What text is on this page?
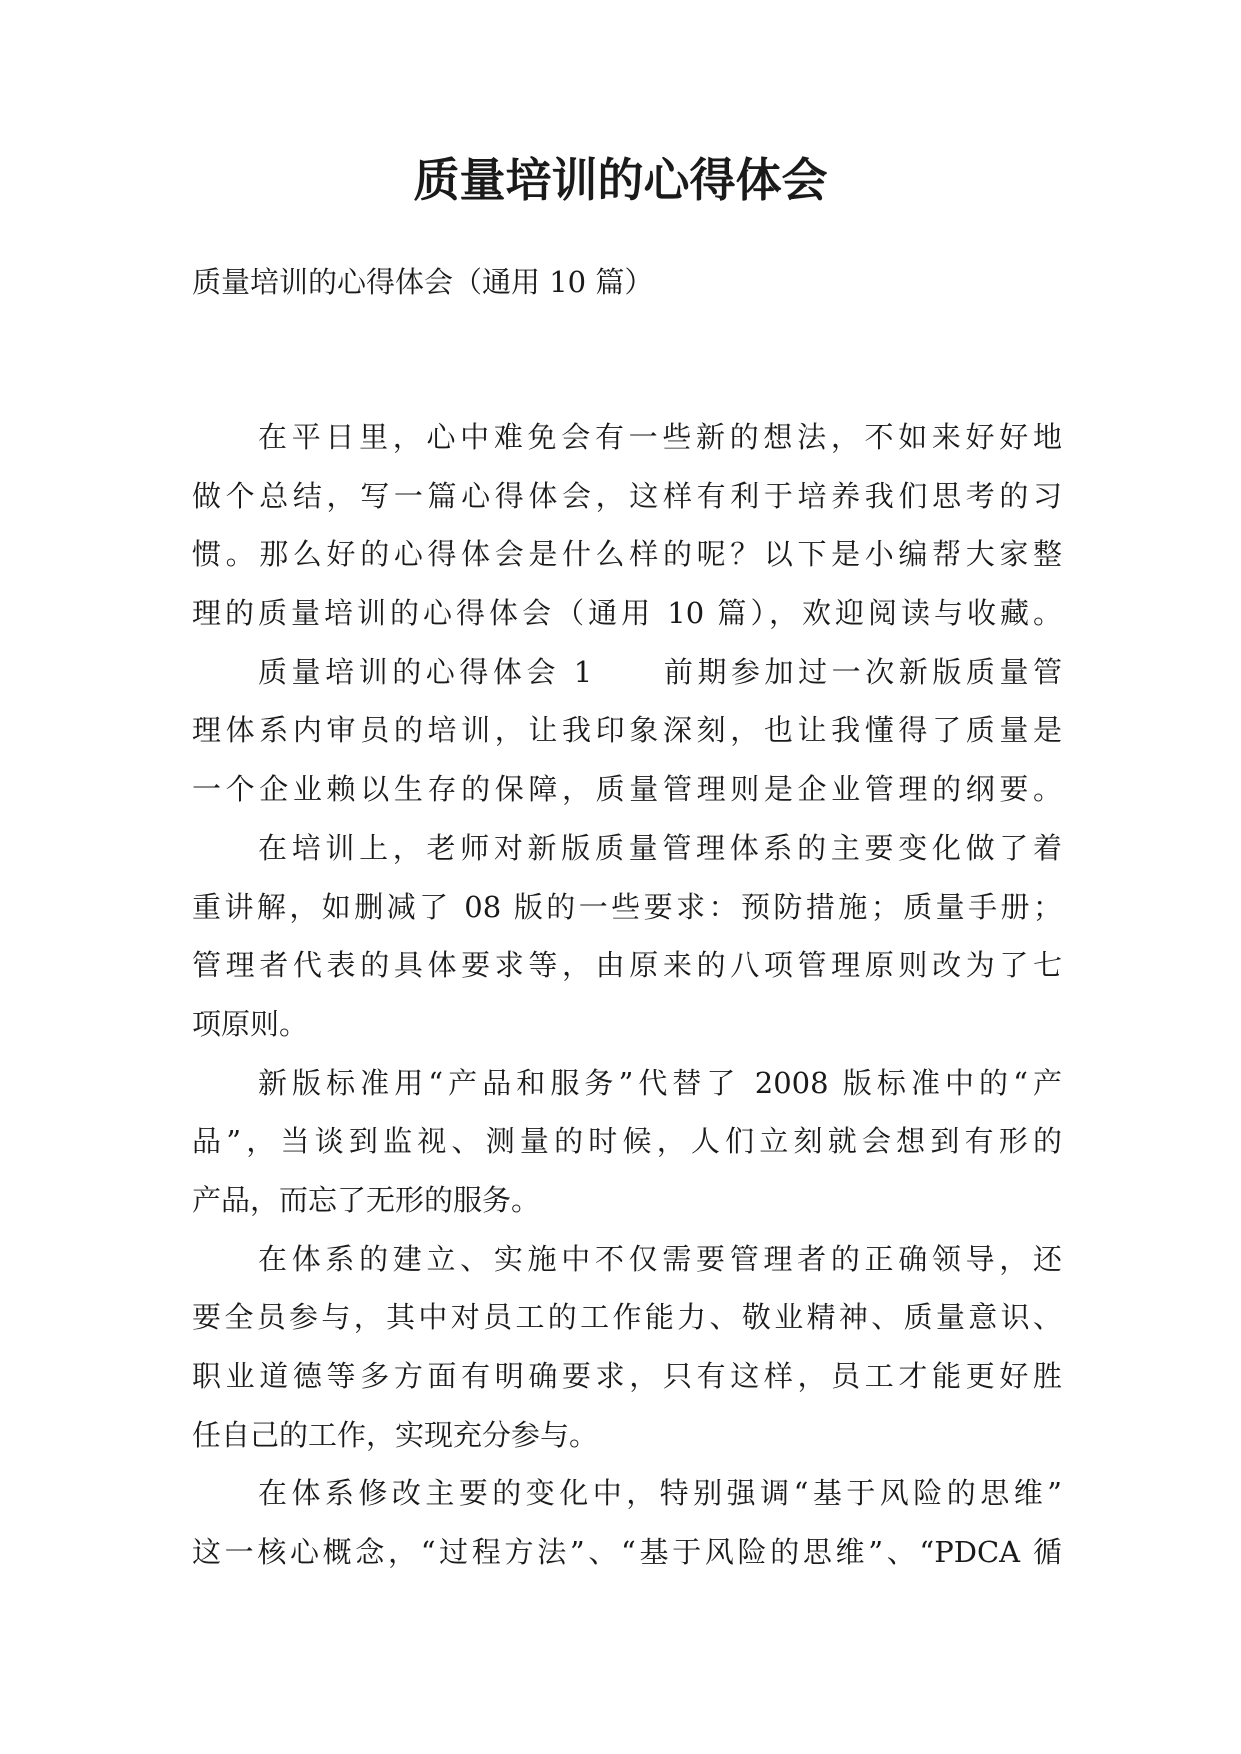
质量培训的心得体会

质量培训的心得体会（通用 10 篇）

在平日里，心中难免会有一些新的想法，不如来好好地
做个总结，写一篇心得体会，这样有利于培养我们思考的习
惯。那么好的心得体会是什么样的呢？以下是小编帮大家整
理的质量培训的心得体会（通用 10 篇），欢迎阅读与收藏。
质量培训的心得体会 1　　前期参加过一次新版质量管
理体系内审员的培训，让我印象深刻，也让我懂得了质量是
一个企业赖以生存的保障，质量管理则是企业管理的纲要。
在培训上，老师对新版质量管理体系的主要变化做了着
重讲解，如删减了 08 版的一些要求：预防措施；质量手册；
管理者代表的具体要求等，由原来的八项管理原则改为了七
项原则。
新版标准用“产品和服务”代替了 2008 版标准中的“产
品”，当谈到监视、测量的时候，人们立刻就会想到有形的
产品，而忘了无形的服务。
在体系的建立、实施中不仅需要管理者的正确领导，还
要全员参与，其中对员工的工作能力、敬业精神、质量意识、
职业道德等多方面有明确要求，只有这样，员工才能更好胜
任自己的工作，实现充分参与。
在体系修改主要的变化中，特别强调“基于风险的思维”
这一核心概念，“过程方法”、“基于风险的思维”、“PDCA 循
